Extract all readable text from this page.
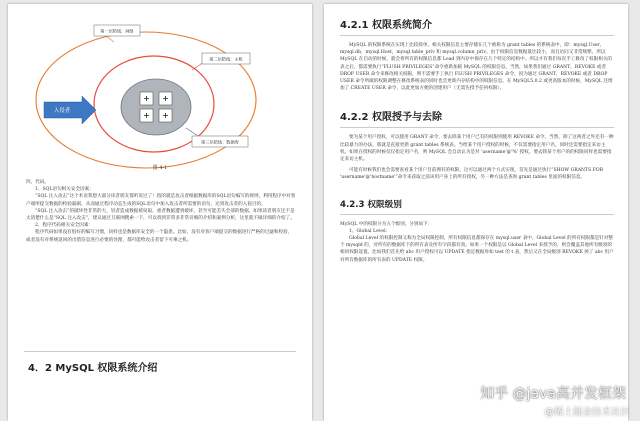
第一层防线：网络
第二层防线：主机
第三层防线：数据库
入侵者
图 4-1

四、代码。

1、SQL语句相关安全因素：

“SQL 注入攻击”这个术语我想大部分读者朋友都听说过了！指的就是攻击者根据数据库的SQL语句编写的规则，利用程序中对客户端所提交数据的校验漏洞，从而通过程序动态生成的SQL语句中加入攻击者所需要的语句，达到攻击者的入侵目的。

“SQL 注入攻击”的破坏性非常的大，轻者造成数据被窃取，重者数据遭到破坏，甚至可能丢失全部的数据。如果读者朋友还不是太清楚什么是“SQL 注入攻击”，建议通过互联网搜索一下，可以找到非常多非常详细的介绍和案例分析，这里就不做详细的介绍了。

2、程序代码相关安全因素：

程序代码如果没有很好的编写习惯，同样也是数据库安全的一个隐患。比如，没有对客户端提交的数据进行严格的过滤和校验，或者没有对系统返回的出错信息进行必要的处理，都可能给攻击者留下可乘之机。

4．2 MySQL 权限系统介绍
4.2.1 权限系统简介

MySQL 的权限系统在实现上比较简单，相关权限信息主要存储在几个被称为 grant tables 的系统表中，即：mysql.User，mysql.db，mysql.Host，mysql.table_priv 和 mysql.column_priv。由于权限信息数据量比较小，而且访问又非常频繁，所以 MySQL 在启动的时候，就会将所有的权限信息都 Load 到内存中保存在几个特定的结构中。所以才有我们每次手工修改了权限相关的表之后，都需要执行“FLUSH PRIVILEGES”命令重新加载 MySQL 的权限信息。当然，如果我们通过 GRANT，REVOKE 或者 DROP USER 命令来修改相关权限，则不需要手工执行 FLUSH PRIVILEGES 命令，因为通过 GRANT，REVOKE 或者 DROP USER 命令所做的权限调整在修改系统表的同时也会更新内存结构中的权限信息。在 MySQL5.0.2 或更高版本的时候，MySQL 还增加了 CREATE USER 命令，以此更加方便的创建用户（无需先授予任何权限）。

4.2.2 权限授予与去除

要为某个用户授权，可以使用 GRANT 命令，要去除某个用户已有的权限则使用 REVOKE 命令。当然，除了这两者之外还有一种比较暴力的办法，那就是直接更新 grant tables 系统表。当给某个用户授权的时候，不仅需要指定用户名，同时还需要指定来访主机。如果在授权的时候仅仅指定用户名，则 MySQL 会自动认为是对 'username'@'%' 授权。要去除某个用户的的权限同样也需要指定来访主机。

可能有时候我们也会需要查看某个用户目前拥有的权限，这可以通过两个方式实现，首先是通过执行“SHOW GRANTS FOR 'username'@'hostname'”命令来获取之前该用户身上的所有授权，另一种方法是查询 grant tables 里面的权限信息。

4.2.3 权限级别

MySQL 中的权限分为五个级别，分别如下：

1、Global Level：

Global Level 的权限控制又称为全局权限控制，所有权限信息都保存在 mysql.user 表中。Global Level 的所有权限都是针对整个 mysqld 的，对所有的数据库下的所有表及所有字段都有效。如果一个权限是以 Global Level 来授予的，则会覆盖其他所有级别的相同权限设置。比如我们首先给 abc 用户授权可以 UPDATE 指定数据库如 test 的 t 表，然后又在全局级别 REVOKE 掉了 abc 用户对所有数据库的所有表的 UPDATE 权限。

知乎 @java高并发框架
@稀土掘金技术社区
